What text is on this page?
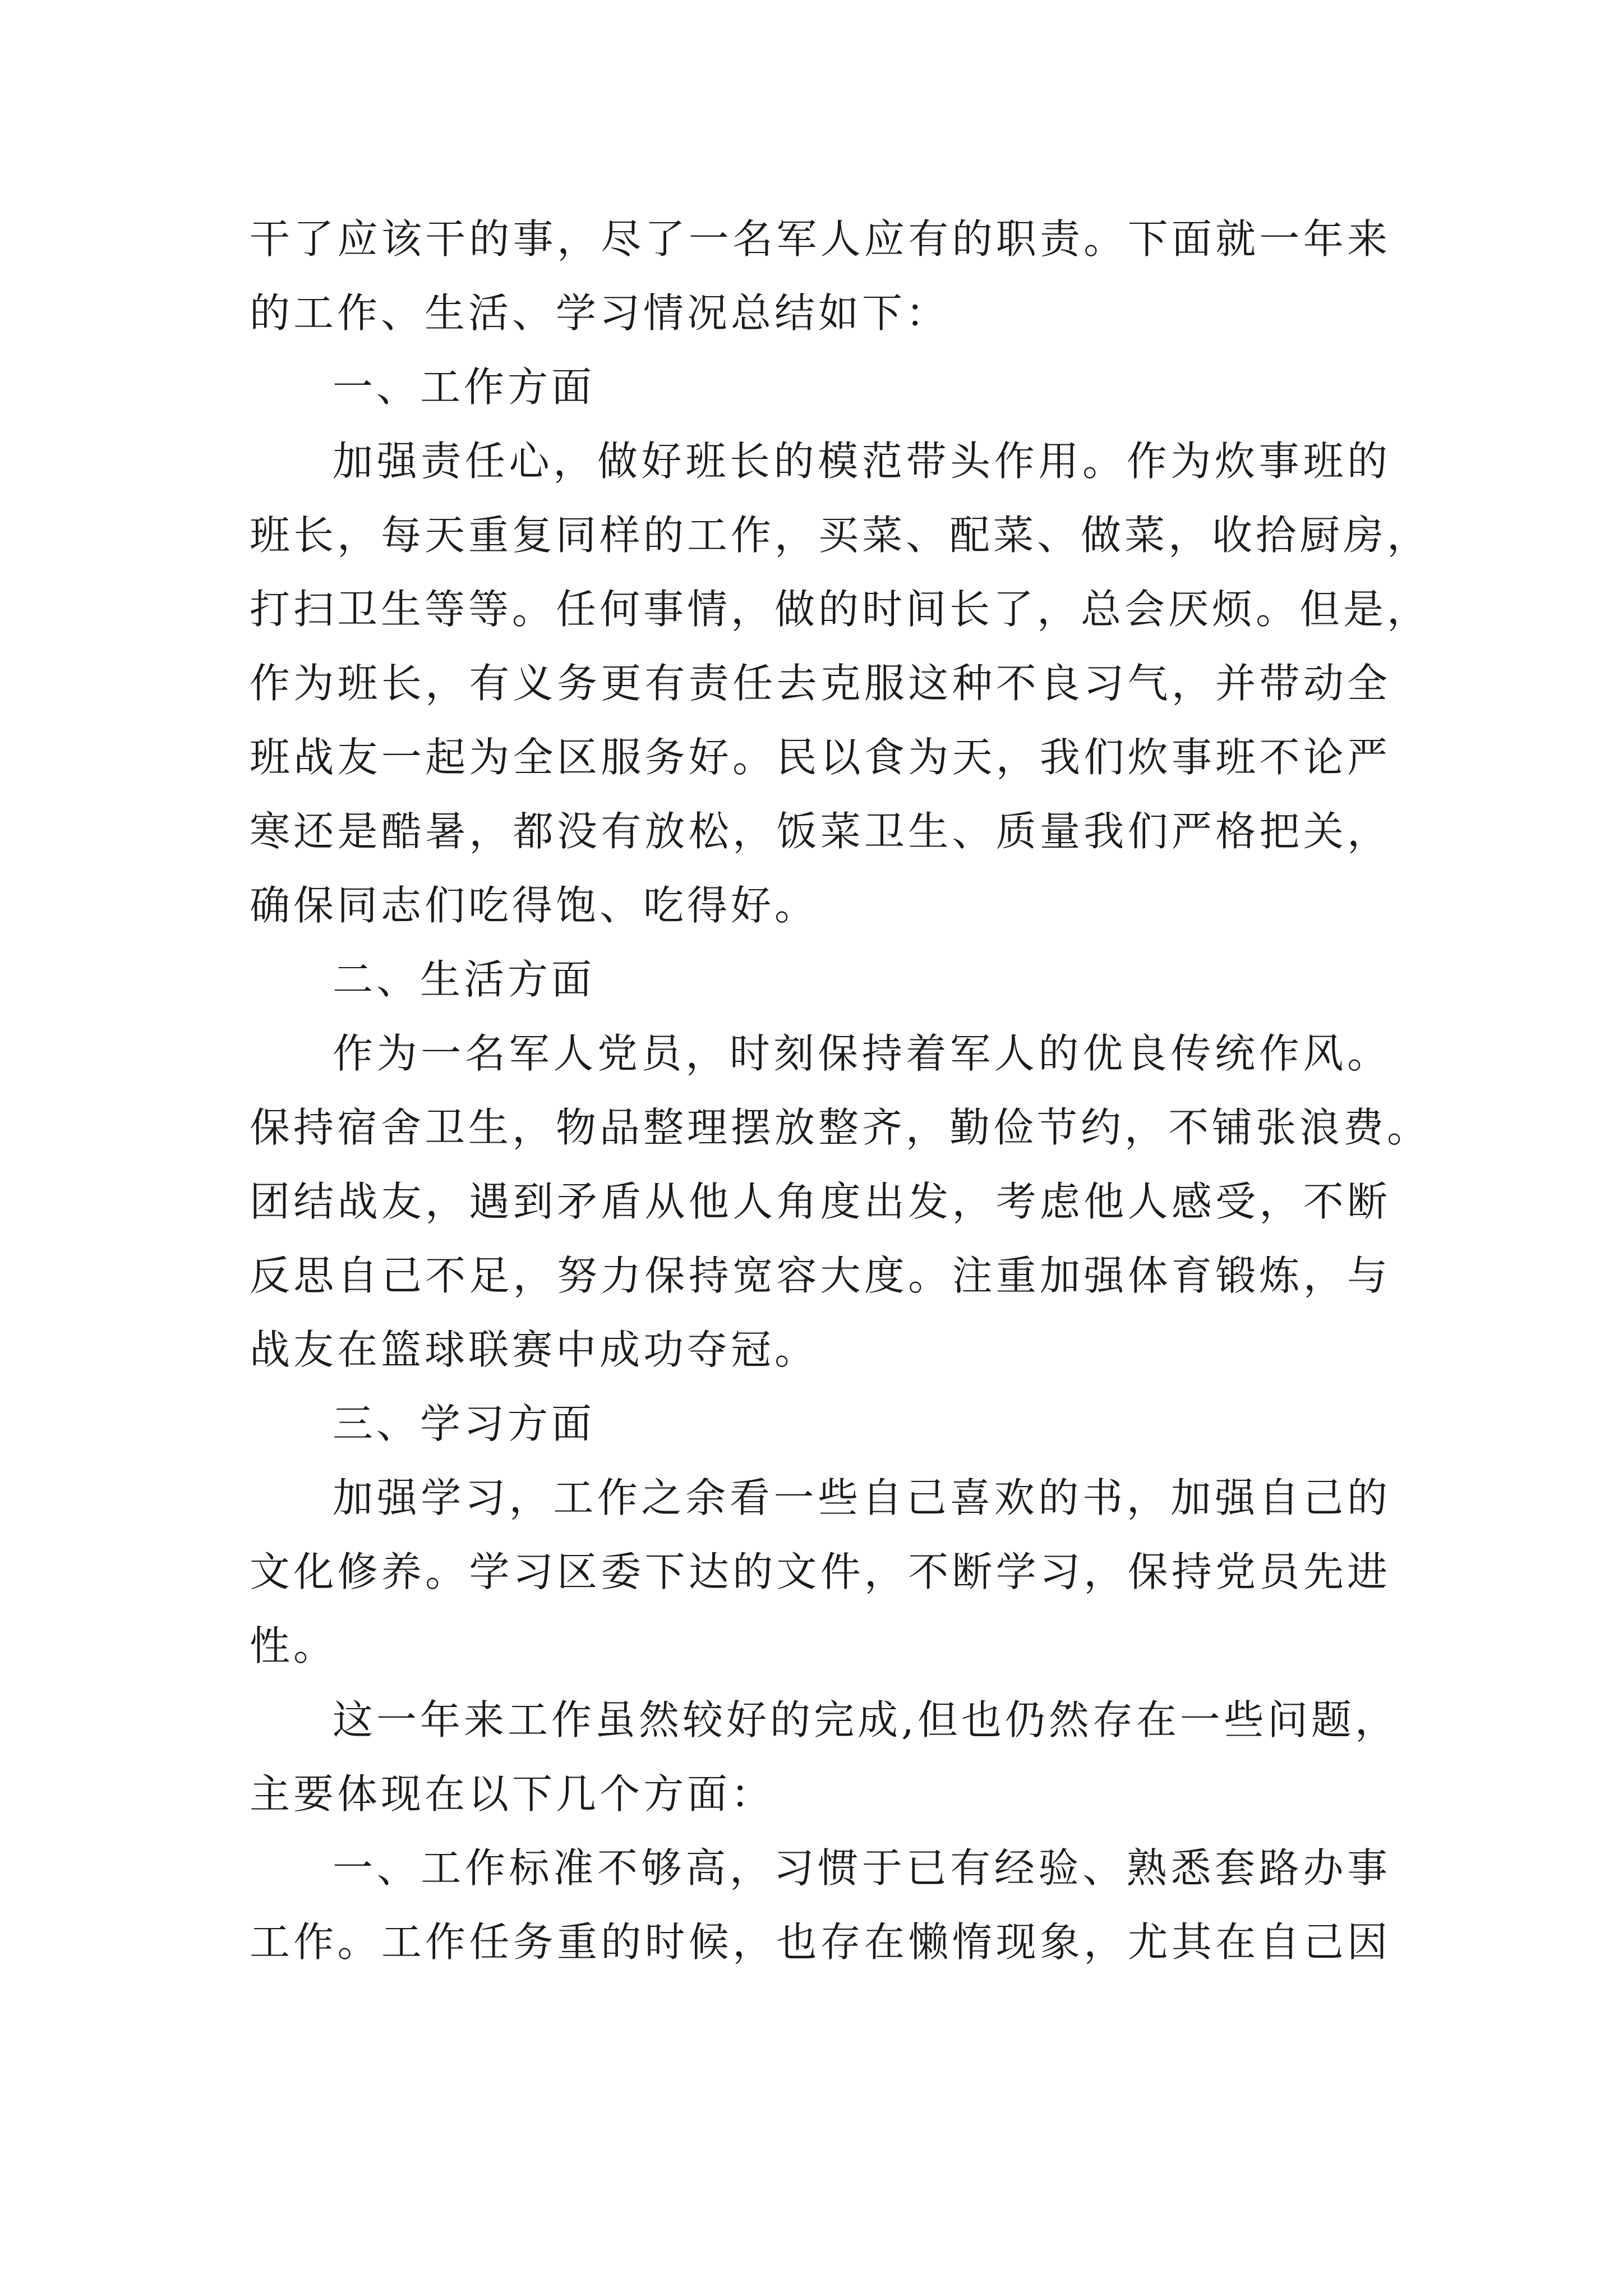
干了应该干的事，尽了一名军人应有的职责。下面就一年来
的工作、生活、学习情况总结如下：
一、工作方面
加强责任心，做好班长的模范带头作用。作为炊事班的
班长，每天重复同样的工作，买菜、配菜、做菜，收拾厨房，
打扫卫生等等。任何事情，做的时间长了，总会厌烦。但是，
作为班长，有义务更有责任去克服这种不良习气，并带动全
班战友一起为全区服务好。民以食为天，我们炊事班不论严
寒还是酷暑，都没有放松，饭菜卫生、质量我们严格把关，
确保同志们吃得饱、吃得好。
二、生活方面
作为一名军人党员，时刻保持着军人的优良传统作风。
保持宿舍卫生，物品整理摆放整齐，勤俭节约，不铺张浪费。
团结战友，遇到矛盾从他人角度出发，考虑他人感受，不断
反思自己不足，努力保持宽容大度。注重加强体育锻炼，与
战友在篮球联赛中成功夺冠。
三、学习方面
加强学习，工作之余看一些自己喜欢的书，加强自己的
文化修养。学习区委下达的文件，不断学习，保持党员先进
性。
这一年来工作虽然较好的完成,但也仍然存在一些问题，
主要体现在以下几个方面：
一、工作标准不够高，习惯于已有经验、熟悉套路办事
工作。工作任务重的时候，也存在懒惰现象，尤其在自己因
